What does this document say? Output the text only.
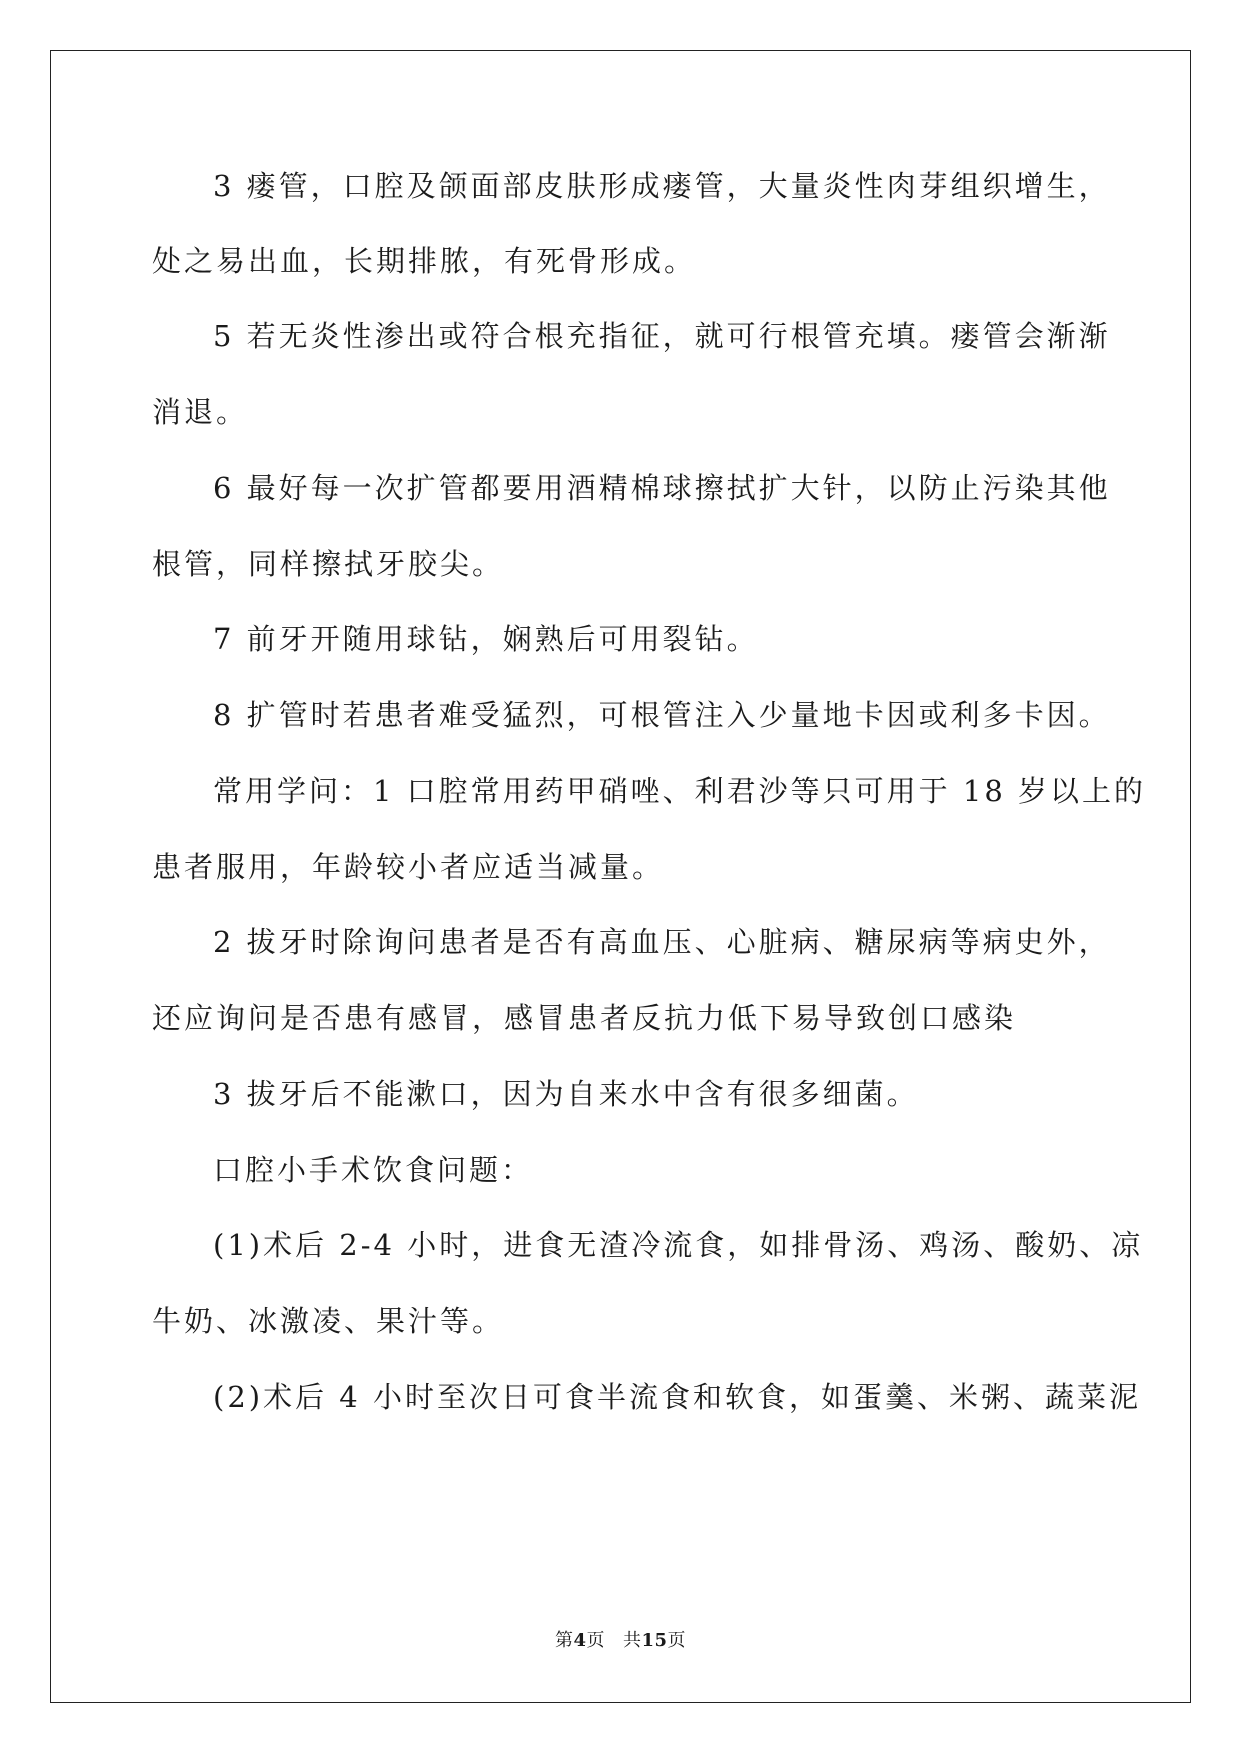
3 瘘管，口腔及颌面部皮肤形成瘘管，大量炎性肉芽组织增生，
处之易出血，长期排脓，有死骨形成。
5 若无炎性渗出或符合根充指征，就可行根管充填。瘘管会渐渐
消退。
6 最好每一次扩管都要用酒精棉球擦拭扩大针，以防止污染其他
根管，同样擦拭牙胶尖。
7 前牙开随用球钻，娴熟后可用裂钻。
8 扩管时若患者难受猛烈，可根管注入少量地卡因或利多卡因。
常用学问：1 口腔常用药甲硝唑、利君沙等只可用于 18 岁以上的
患者服用，年龄较小者应适当减量。
2 拔牙时除询问患者是否有高血压、心脏病、糖尿病等病史外，
还应询问是否患有感冒，感冒患者反抗力低下易导致创口感染
3 拔牙后不能漱口，因为自来水中含有很多细菌。
口腔小手术饮食问题：
(1)术后 2-4 小时，进食无渣冷流食，如排骨汤、鸡汤、酸奶、凉
牛奶、冰激凌、果汁等。
(2)术后 4 小时至次日可食半流食和软食，如蛋羹、米粥、蔬菜泥
第4页 共15页
